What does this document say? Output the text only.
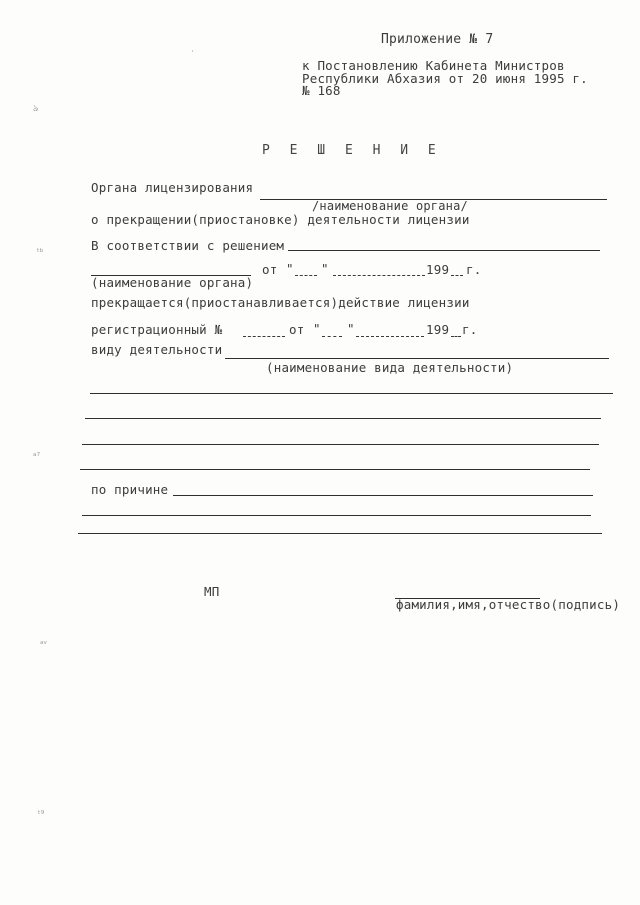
Приложение № 7
к Постановлению Кабинета Министров
Республики Абхазия от 20 июня 1995 г.
№ 168
Р Е Ш Е Н И Е
Органа лицензирования
/наименование органа/
о прекращении(приостановке) деятельности лицензии
В соответствии с решением
(наименование органа)
от " "	199 г.
прекращается(приостанавливается)действие лицензии
регистрационный №	от " "	199 г.
виду деятельности
(наименование вида деятельности)
по причине
МП
фамилия,имя,отчество(подпись)
ঌ
ᵗᵇ
ᵃ⁷
ᵃᵛ
ᵗ⁹
·
